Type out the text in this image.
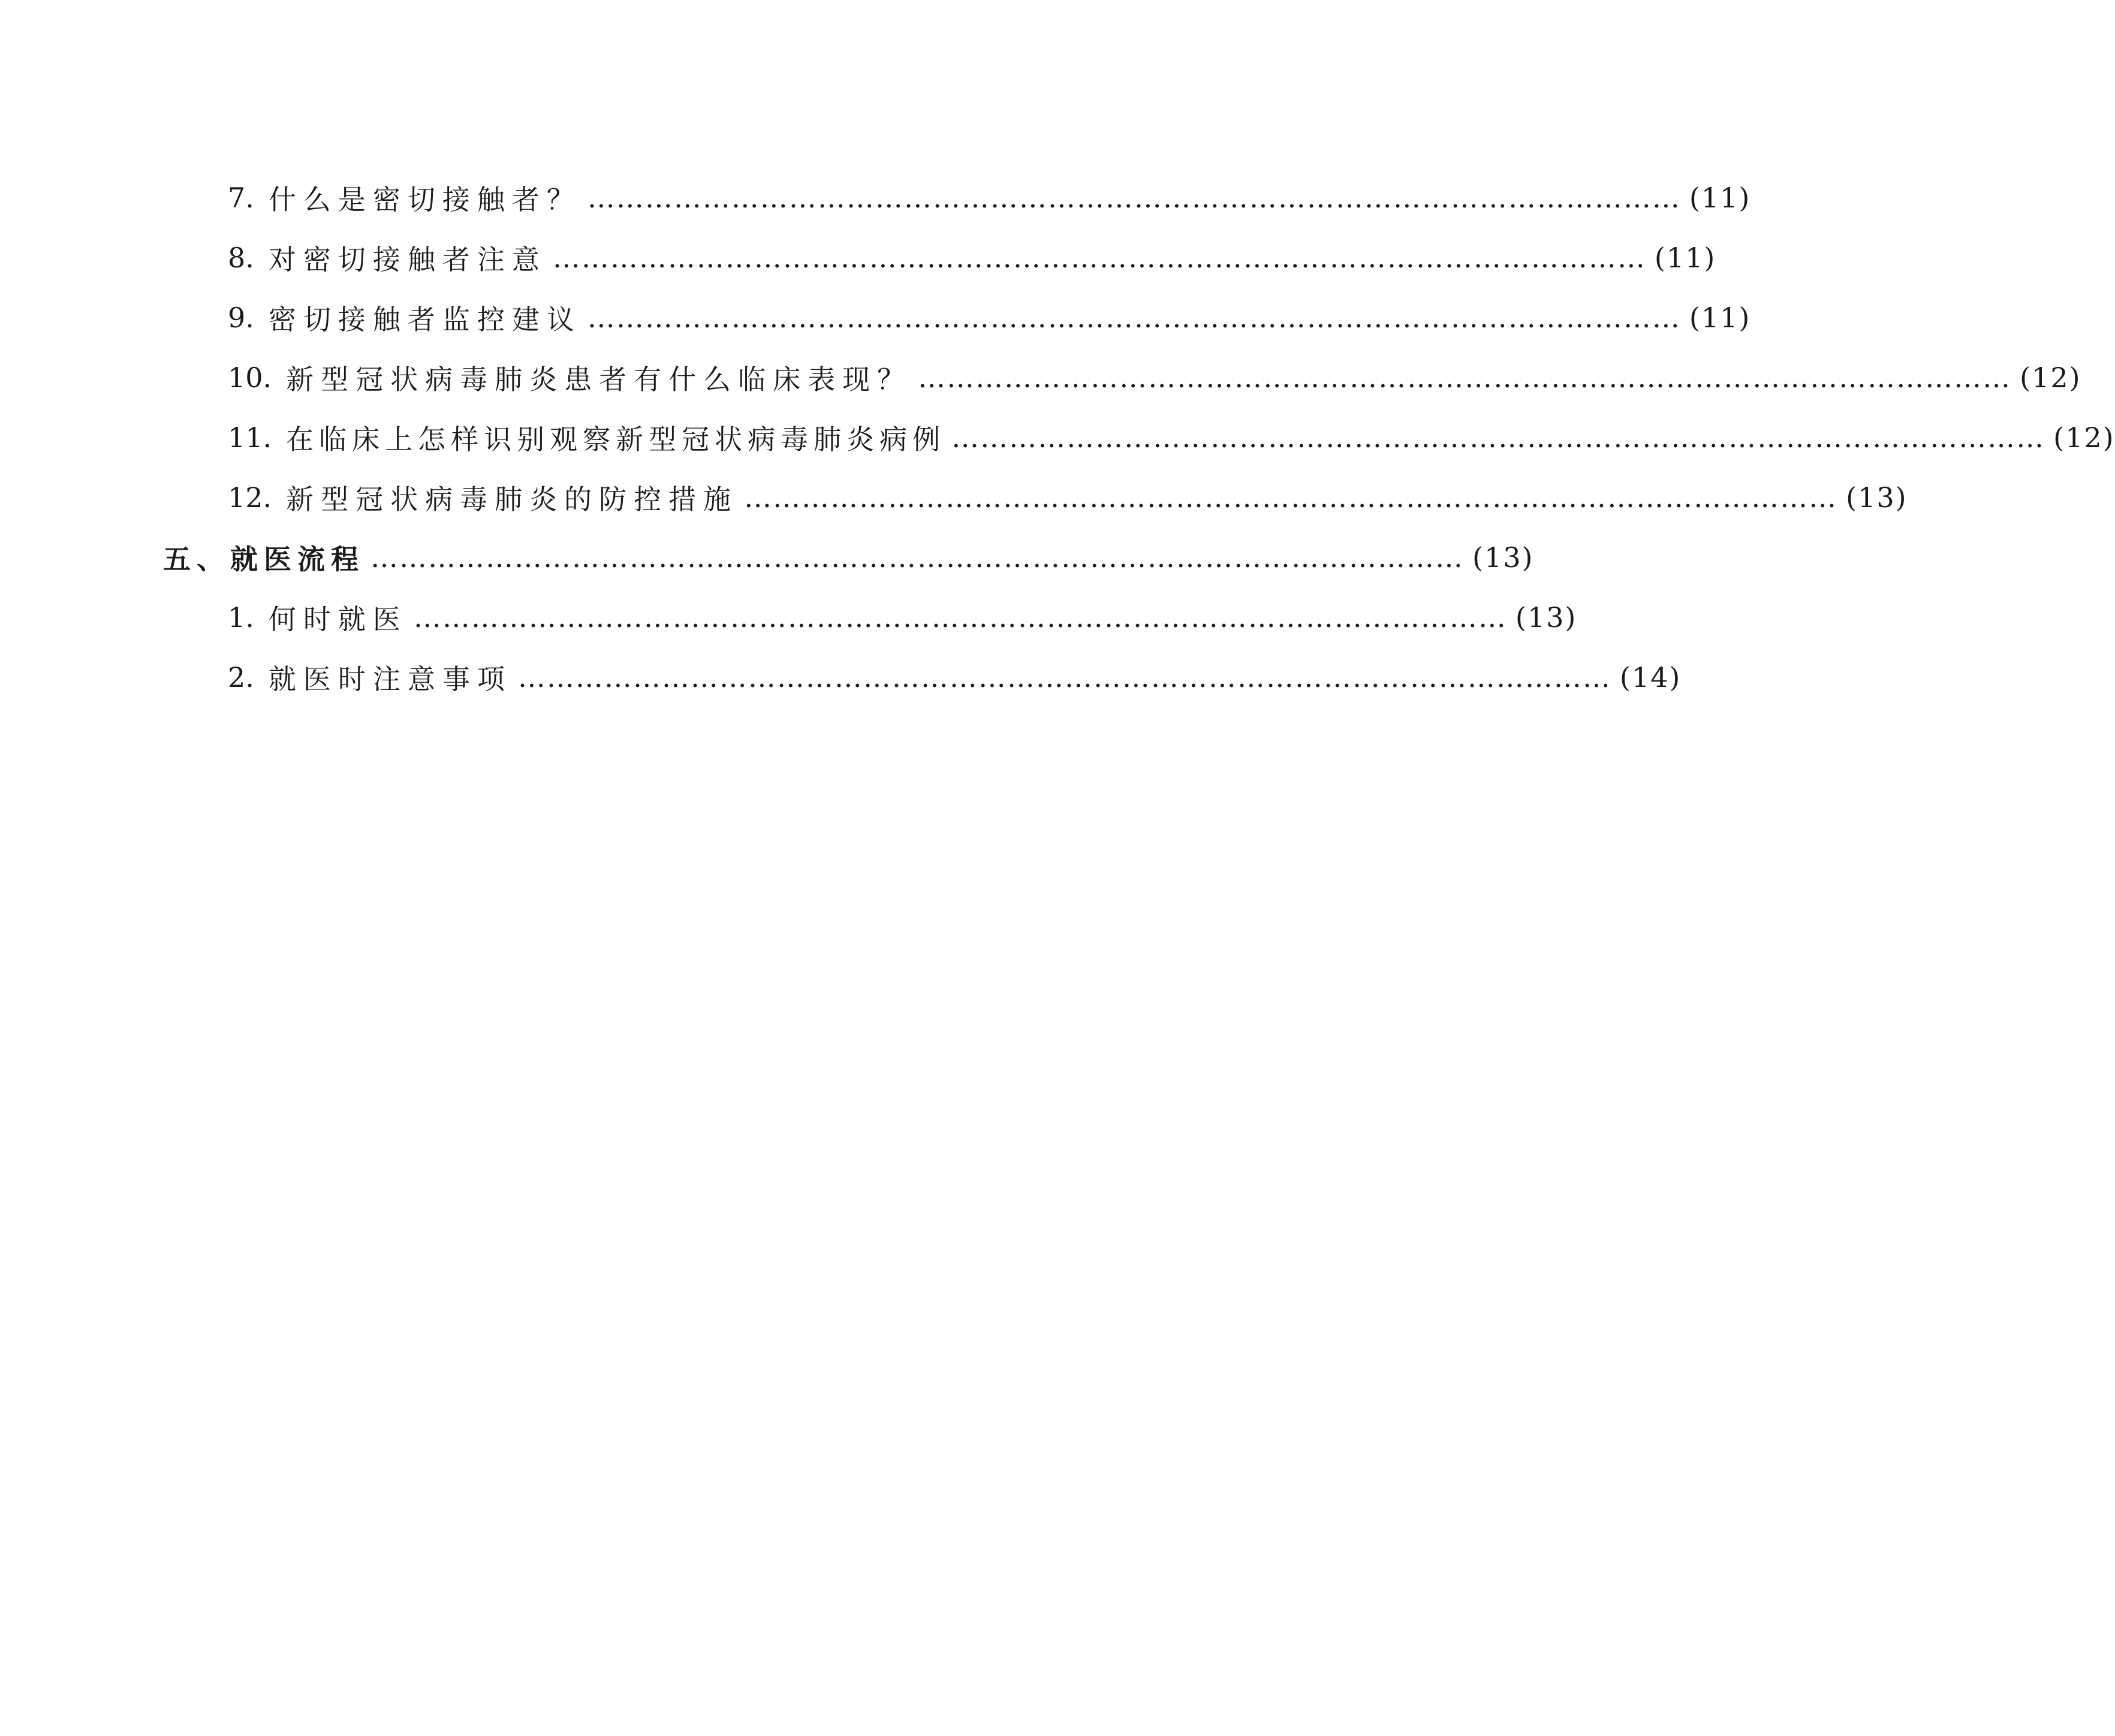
7. 什么是密切接触者？ …………………………………………………………………………………………………… (11)
8. 对密切接触者注意 …………………………………………………………………………………………………… (11)
9. 密切接触者监控建议 …………………………………………………………………………………………………… (11)
10. 新型冠状病毒肺炎患者有什么临床表现？ …………………………………………………………………………………………………… (12)
11. 在临床上怎样识别观察新型冠状病毒肺炎病例 …………………………………………………………………………………………………… (12)
12. 新型冠状病毒肺炎的防控措施 …………………………………………………………………………………………………… (13)
五、就医流程 …………………………………………………………………………………………………… (13)
1. 何时就医 …………………………………………………………………………………………………… (13)
2. 就医时注意事项 …………………………………………………………………………………………………… (14)
